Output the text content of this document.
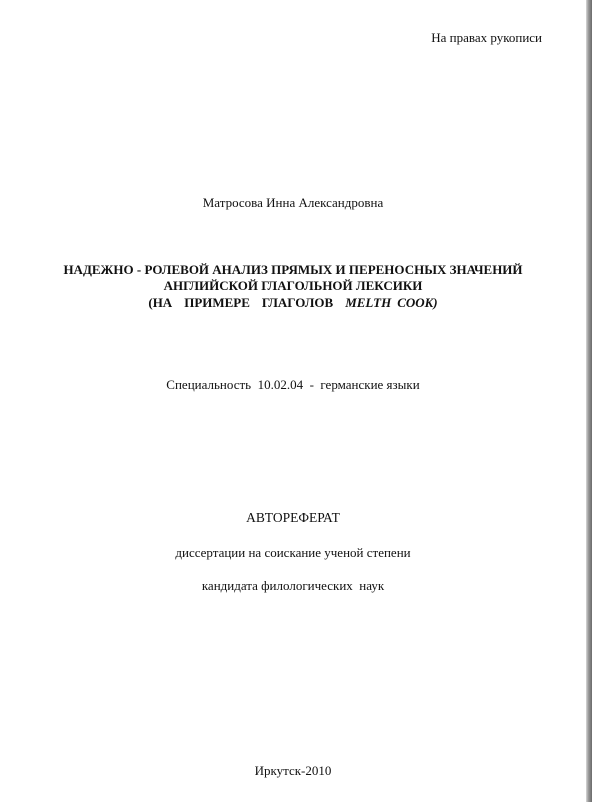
На правах рукописи
Матросова Инна Александровна
НАДЕЖНО - РОЛЕВОЙ АНАЛИЗ ПРЯМЫХ И ПЕРЕНОСНЫХ ЗНАЧЕНИЙ
АНГЛИЙСКОЙ ГЛАГОЛЬНОЙ ЛЕКСИКИ
(НА ПРИМЕРЕ ГЛАГОЛОВ MELTH COOK)
Специальность  10.02.04  -  германские языки
АВТОРЕФЕРАТ
диссертации на соискание ученой степени
кандидата филологических  наук
Иркутск-2010
